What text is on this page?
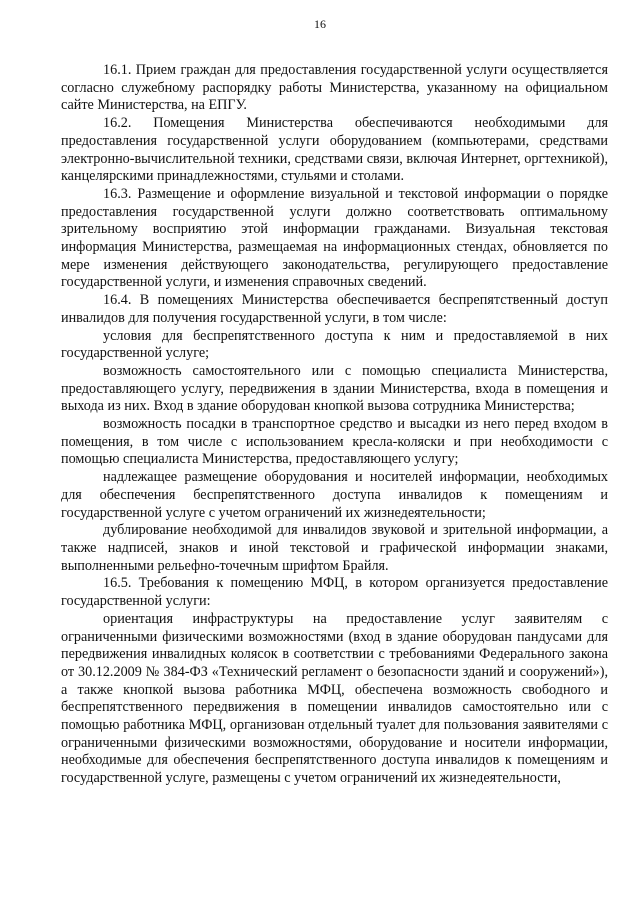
16

16.1. Прием граждан для предоставления государственной услуги осуществляется согласно служебному распорядку работы Министерства, указанному на официальном сайте Министерства, на ЕПГУ.

16.2. Помещения Министерства обеспечиваются необходимыми для предоставления государственной услуги оборудованием (компьютерами, средствами электронно-вычислительной техники, средствами связи, включая Интернет, оргтехникой), канцелярскими принадлежностями, стульями и столами.

16.3. Размещение и оформление визуальной и текстовой информации о порядке предоставления государственной услуги должно соответствовать оптимальному зрительному восприятию этой информации гражданами. Визуальная текстовая информация Министерства, размещаемая на информационных стендах, обновляется по мере изменения действующего законодательства, регулирующего предоставление государственной услуги, и изменения справочных сведений.

16.4. В помещениях Министерства обеспечивается беспрепятственный доступ инвалидов для получения государственной услуги, в том числе:

условия для беспрепятственного доступа к ним и предоставляемой в них государственной услуге;

возможность самостоятельного или с помощью специалиста Министерства, предоставляющего услугу, передвижения в здании Министерства, входа в помещения и выхода из них. Вход в здание оборудован кнопкой вызова сотрудника Министерства;

возможность посадки в транспортное средство и высадки из него перед входом в помещения, в том числе с использованием кресла-коляски и при необходимости с помощью специалиста Министерства, предоставляющего услугу;

надлежащее размещение оборудования и носителей информации, необходимых для обеспечения беспрепятственного доступа инвалидов к помещениям и государственной услуге с учетом ограничений их жизнедеятельности;

дублирование необходимой для инвалидов звуковой и зрительной информации, а также надписей, знаков и иной текстовой и графической информации знаками, выполненными рельефно-точечным шрифтом Брайля.

16.5. Требования к помещению МФЦ, в котором организуется предоставление государственной услуги:

ориентация инфраструктуры на предоставление услуг заявителям с ограниченными физическими возможностями (вход в здание оборудован пандусами для передвижения инвалидных колясок в соответствии с требованиями Федерального закона от 30.12.2009 № 384-ФЗ «Технический регламент о безопасности зданий и сооружений»), а также кнопкой вызова работника МФЦ, обеспечена возможность свободного и беспрепятственного передвижения в помещении инвалидов самостоятельно или с помощью работника МФЦ, организован отдельный туалет для пользования заявителями с ограниченными физическими возможностями, оборудование и носители информации, необходимые для обеспечения беспрепятственного доступа инвалидов к помещениям и государственной услуге, размещены с учетом ограничений их жизнедеятельности,
